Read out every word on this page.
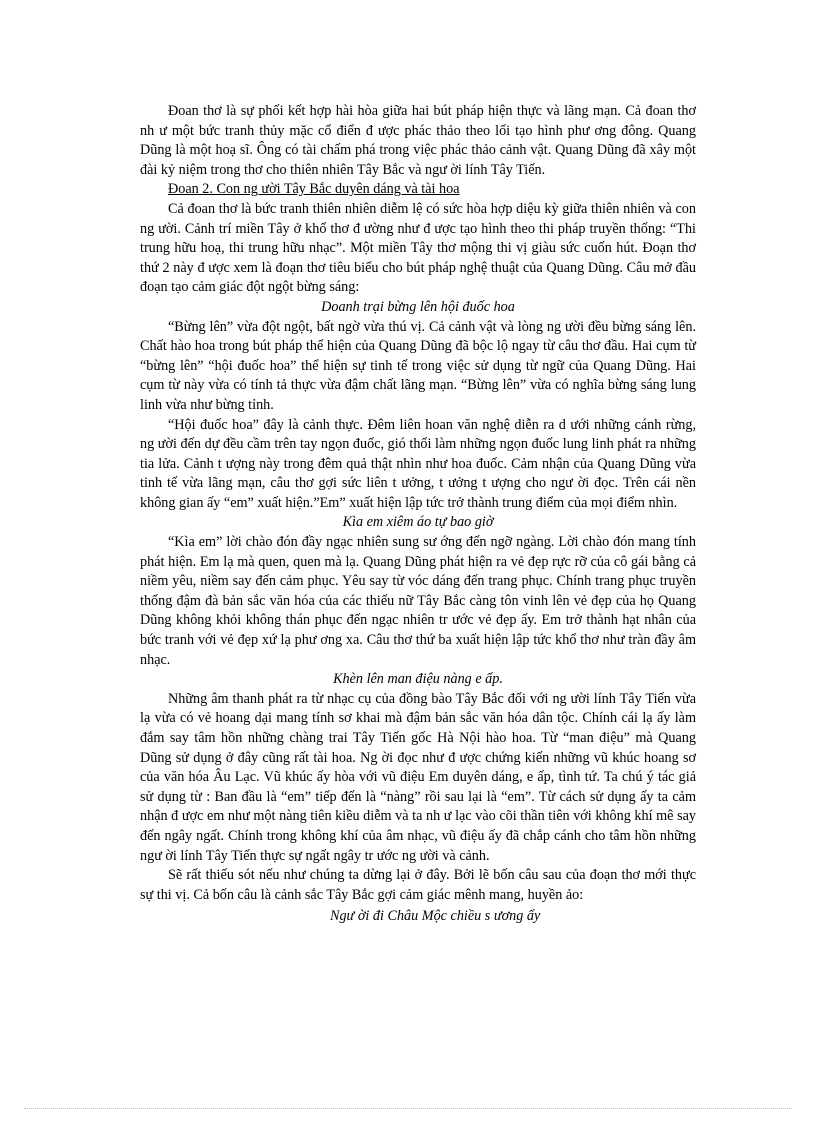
Đoan thơ là sự phối kết hợp hài hòa giữa hai bút pháp hiện thực và lãng mạn. Cả đoan thơ nh ư một bức tranh thủy mặc cổ điển đ ược phác thảo theo lối tạo hình phư ơng đông. Quang Dũng là một hoạ sĩ. Ông có tài chấm phá trong việc phác thảo cảnh vật. Quang Dũng đã xây một đài kỷ niệm trong thơ cho thiên nhiên Tây Bắc và ngư ời lính Tây Tiến.

Đoan 2. Con ng ười Tây Bắc duyên dáng và tài hoa

Cả đoan thơ là bức tranh thiên nhiên diễm lệ có sức hòa hợp diệu kỳ giữa thiên nhiên và con ng ười. Cảnh trí miền Tây ở khổ thơ đ ường như đ ược tạo hình theo thi pháp truyền thống: “Thi trung hữu hoạ, thi trung hữu nhạc”. Một miền Tây thơ mộng thi vị giàu sức cuốn hút. Đoạn thơ thứ 2 này đ ược xem là đoạn thơ tiêu biểu cho bút pháp nghệ thuật của Quang Dũng. Câu mở đầu đoạn tạo cảm giác đột ngột bừng sáng:

Doanh trại bừng lên hội đuốc hoa

“Bừng lên” vừa đột ngột, bất ngờ vừa thú vị. Cả cảnh vật và lòng ng ười đều bừng sáng lên. Chất hào hoa trong bút pháp thể hiện của Quang Dũng đã bộc lộ ngay từ câu thơ đầu. Hai cụm từ “bừng lên” “hội đuốc hoa” thể hiện sự tinh tế trong việc sử dụng từ ngữ của Quang Dũng. Hai cụm từ này vừa có tính tả thực vừa đậm chất lãng mạn. “Bừng lên” vừa có nghĩa bừng sáng lung linh vừa như bừng tỉnh.

“Hội đuốc hoa” đây là cảnh thực. Đêm liên hoan văn nghệ diễn ra d ưới những cánh rừng, ng ười đến dự đều cầm trên tay ngọn đuốc, gió thổi làm những ngọn đuốc lung linh phát ra những tia lửa. Cảnh t ượng này trong đêm quả thật nhìn như hoa đuốc. Cảm nhận của Quang Dũng vừa tinh tế vừa lãng mạn, câu thơ gợi sức liên t ưởng, t ưởng t ượng cho ngư ời đọc. Trên cái nền không gian ấy “em” xuất hiện.”Em” xuất hiện lập tức trở thành trung điểm của mọi điểm nhìn.

Kìa em xiêm áo tự bao giờ

“Kìa em” lời chào đón đầy ngạc nhiên sung sư ớng đến ngỡ ngàng. Lời chào đón mang tính phát hiện. Em lạ mà quen, quen mà lạ. Quang Dũng phát hiện ra vẻ đẹp rực rỡ của cô gái bằng cả niềm yêu, niềm say đến cảm phục. Yêu say từ vóc dáng đến trang phục. Chính trang phục truyền thống đậm đà bản sắc văn hóa của các thiếu nữ Tây Bắc càng tôn vinh lên vẻ đẹp của họ Quang Dũng không khỏi không thán phục đến ngạc nhiên tr ước vẻ đẹp ấy. Em trở thành hạt nhân của bức tranh với vẻ đẹp xứ lạ phư ơng xa. Câu thơ thứ ba xuất hiện lập tức khổ thơ như tràn đầy âm nhạc.

Khèn lên man điệu nàng e ấp.

Những âm thanh phát ra từ nhạc cụ của đồng bào Tây Bắc đối với ng ười lính Tây Tiến vừa lạ vừa có vẻ hoang dại mang tính sơ khai mà đậm bản sắc văn hóa dân tộc. Chính cái lạ ấy làm đắm say tâm hồn những chàng trai Tây Tiến gốc Hà Nội hào hoa. Từ “man điệu” mà Quang Dũng sử dụng ở đây cũng rất tài hoa. Ng ời đọc như đ ược chứng kiến những vũ khúc hoang sơ của văn hóa Âu Lạc. Vũ khúc ấy hòa với vũ điệu Em duyên dáng, e ấp, tình tứ. Ta chú ý tác giả sử dụng từ : Ban đầu là “em” tiếp đến là “nàng” rồi sau lại là “em”. Từ cách sử dụng ấy ta cảm nhận đ ược em như một nàng tiên kiều diễm và ta nh ư lạc vào cõi thần tiên với không khí mê say đến ngây ngất. Chính trong không khí của âm nhạc, vũ điệu ấy đã chắp cánh cho tâm hồn những ngư ời lính Tây Tiến thực sự ngất ngây tr ước ng ười và cảnh.

Sẽ rất thiếu sót nếu như chúng ta dừng lại ở đây. Bởi lẽ bốn câu sau của đoạn thơ mới thực sự thi vị. Cả bốn câu là cảnh sắc Tây Bắc gợi cảm giác mênh mang, huyền ảo:

Ngư ời đi Châu Mộc chiều s ương ấy
